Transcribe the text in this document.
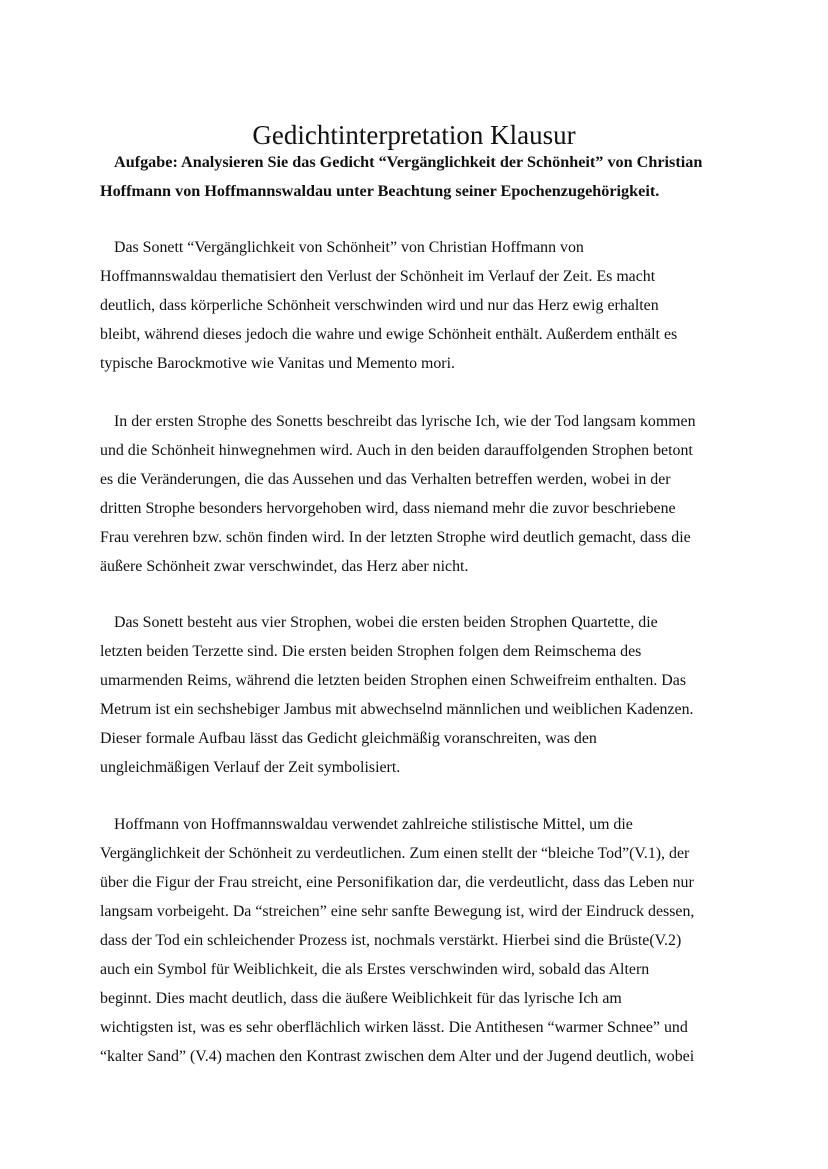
Gedichtinterpretation Klausur
Aufgabe: Analysieren Sie das Gedicht “Vergänglichkeit der Schönheit” von Christian
Hoffmann von Hoffmannswaldau unter Beachtung seiner Epochenzugehörigkeit.
Das Sonett “Vergänglichkeit von Schönheit” von Christian Hoffmann von
Hoffmannswaldau thematisiert den Verlust der Schönheit im Verlauf der Zeit. Es macht
deutlich, dass körperliche Schönheit verschwinden wird und nur das Herz ewig erhalten
bleibt, während dieses jedoch die wahre und ewige Schönheit enthält. Außerdem enthält es
typische Barockmotive wie Vanitas und Memento mori.
In der ersten Strophe des Sonetts beschreibt das lyrische Ich, wie der Tod langsam kommen
und die Schönheit hinwegnehmen wird. Auch in den beiden darauffolgenden Strophen betont
es die Veränderungen, die das Aussehen und das Verhalten betreffen werden, wobei in der
dritten Strophe besonders hervorgehoben wird, dass niemand mehr die zuvor beschriebene
Frau verehren bzw. schön finden wird. In der letzten Strophe wird deutlich gemacht, dass die
äußere Schönheit zwar verschwindet, das Herz aber nicht.
Das Sonett besteht aus vier Strophen, wobei die ersten beiden Strophen Quartette, die
letzten beiden Terzette sind. Die ersten beiden Strophen folgen dem Reimschema des
umarmenden Reims, während die letzten beiden Strophen einen Schweifreim enthalten. Das
Metrum ist ein sechshebiger Jambus mit abwechselnd männlichen und weiblichen Kadenzen.
Dieser formale Aufbau lässt das Gedicht gleichmäßig voranschreiten, was den
ungleichmäßigen Verlauf der Zeit symbolisiert.
Hoffmann von Hoffmannswaldau verwendet zahlreiche stilistische Mittel, um die
Vergänglichkeit der Schönheit zu verdeutlichen. Zum einen stellt der “bleiche Tod”(V.1), der
über die Figur der Frau streicht, eine Personifikation dar, die verdeutlicht, dass das Leben nur
langsam vorbeigeht. Da “streichen” eine sehr sanfte Bewegung ist, wird der Eindruck dessen,
dass der Tod ein schleichender Prozess ist, nochmals verstärkt. Hierbei sind die Brüste(V.2)
auch ein Symbol für Weiblichkeit, die als Erstes verschwinden wird, sobald das Altern
beginnt. Dies macht deutlich, dass die äußere Weiblichkeit für das lyrische Ich am
wichtigsten ist, was es sehr oberflächlich wirken lässt. Die Antithesen “warmer Schnee” und
“kalter Sand” (V.4) machen den Kontrast zwischen dem Alter und der Jugend deutlich, wobei
